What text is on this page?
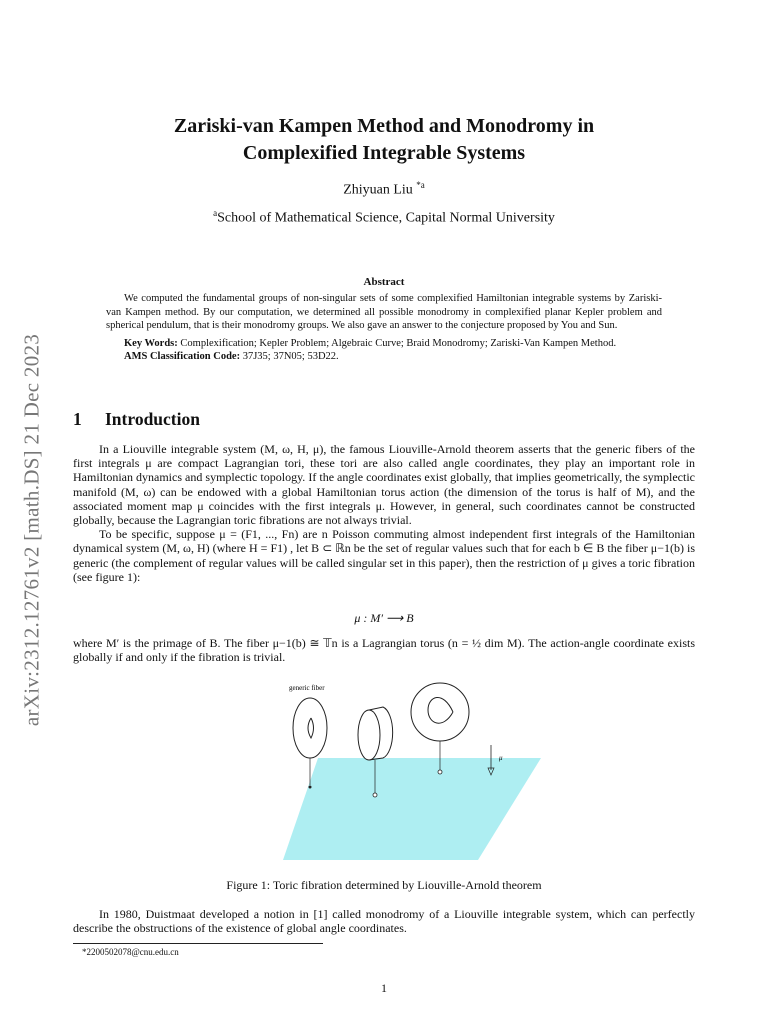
arXiv:2312.12761v2 [math.DS] 21 Dec 2023
Zariski-van Kampen Method and Monodromy in
Complexified Integrable Systems
Zhiyuan Liu $^{*a}$
$^a$School of Mathematical Science, Capital Normal University
Abstract

We computed the fundamental groups of non-singular sets of some complexified Hamiltonian integrable systems by Zariski-van Kampen method. By our computation, we determined all possible monodromy in complexified planar Kepler problem and spherical pendulum, that is their monodromy groups. We also gave an answer to the conjecture proposed by You and Sun.

Key Words: Complexification; Kepler Problem; Algebraic Curve; Braid Monodromy; Zariski-Van Kampen Method.

AMS Classification Code: 37J35; 37N05; 53D22.

1 Introduction

In a Liouville integrable system (M, ω, H, μ), the famous Liouville-Arnold theorem asserts that the generic fibers of the first integrals μ are compact Lagrangian tori, these tori are also called angle coordinates, they play an important role in Hamiltonian dynamics and symplectic topology. If the angle coordinates exist globally, that implies geometrically, the symplectic manifold (M, ω) can be endowed with a global Hamiltonian torus action (the dimension of the torus is half of M), and the associated moment map μ coincides with the first integrals μ. However, in general, such coordinates cannot be constructed globally, because the Lagrangian toric fibrations are not always trivial.

To be specific, suppose μ = (F1, ..., Fn) are n Poisson commuting almost independent first integrals of the Hamiltonian dynamical system (M, ω, H) (where H = F1) , let B ⊂ ℝn be the set of regular values such that for each b ∈ B the fiber μ−1(b) is generic (the complement of regular values will be called singular set in this paper), then the restriction of μ gives a toric fibration (see figure 1):

μ : M′ ⟶ B

where M′ is the primage of B. The fiber μ−1(b) ≅ 𝕋n is a Lagrangian torus (n = ½ dim M). The action-angle coordinate exists globally if and only if the fibration is trivial.

generic fiber
μ
Figure 1: Toric fibration determined by Liouville-Arnold theorem

In 1980, Duistmaat developed a notion in [1] called monodromy of a Liouville integrable system, which can perfectly describe the obstructions of the existence of global angle coordinates.

*2200502078@cnu.edu.cn
1
